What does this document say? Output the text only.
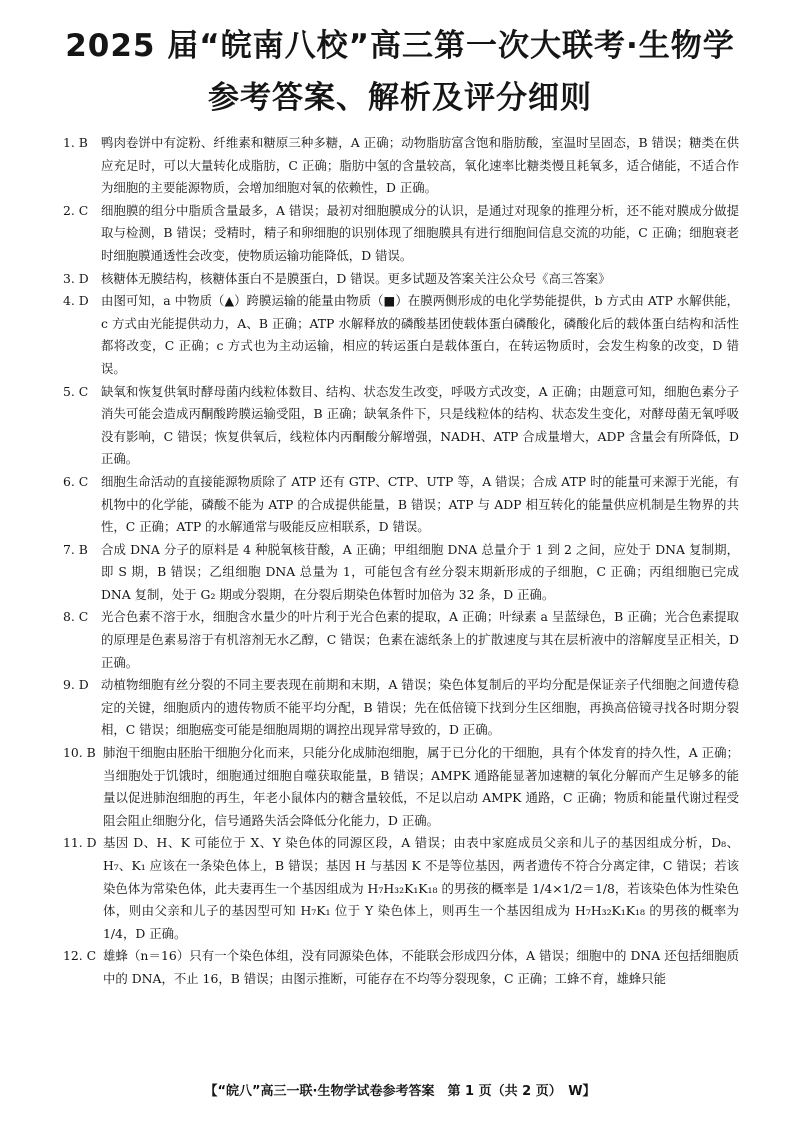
2025 届“皖南八校”高三第一次大联考·生物学
参考答案、解析及评分细则
1. B 鸭肉卷饼中有淀粉、纤维素和糖原三种多糖，A 正确；动物脂肪富含饱和脂肪酸，室温时呈固态，B 错误；糖类在供应充足时，可以大量转化成脂肪，C 正确；脂肪中氢的含量较高，氧化速率比糖类慢且耗氧多，适合储能，不适合作为细胞的主要能源物质，会增加细胞对氧的依赖性，D 正确。
2. C 细胞膜的组分中脂质含量最多，A 错误；最初对细胞膜成分的认识，是通过对现象的推理分析，还不能对膜成分做提取与检测，B 错误；受精时，精子和卵细胞的识别体现了细胞膜具有进行细胞间信息交流的功能，C 正确；细胞衰老时细胞膜通透性会改变，使物质运输功能降低，D 错误。
3. D 核糖体无膜结构，核糖体蛋白不是膜蛋白，D 错误。更多试题及答案关注公众号《高三答案》
4. D 由图可知，a 中物质（▲）跨膜运输的能量由物质（■）在膜两侧形成的电化学势能提供，b 方式由 ATP 水解供能，c 方式由光能提供动力，A、B 正确；ATP 水解释放的磷酸基团使载体蛋白磷酸化，磷酸化后的载体蛋白结构和活性都将改变，C 正确；c 方式也为主动运输，相应的转运蛋白是载体蛋白，在转运物质时，会发生构象的改变，D 错误。
5. C 缺氧和恢复供氧时酵母菌内线粒体数目、结构、状态发生改变，呼吸方式改变，A 正确；由题意可知，细胞色素分子消失可能会造成丙酮酸跨膜运输受阻，B 正确；缺氧条件下，只是线粒体的结构、状态发生变化，对酵母菌无氧呼吸没有影响，C 错误；恢复供氧后，线粒体内丙酮酸分解增强，NADH、ATP 合成量增大，ADP 含量会有所降低，D 正确。
6. C 细胞生命活动的直接能源物质除了 ATP 还有 GTP、CTP、UTP 等，A 错误；合成 ATP 时的能量可来源于光能，有机物中的化学能，磷酸不能为 ATP 的合成提供能量，B 错误；ATP 与 ADP 相互转化的能量供应机制是生物界的共性，C 正确；ATP 的水解通常与吸能反应相联系，D 错误。
7. B 合成 DNA 分子的原料是 4 种脱氧核苷酸，A 正确；甲组细胞 DNA 总量介于 1 到 2 之间，应处于 DNA 复制期，即 S 期，B 错误；乙组细胞 DNA 总量为 1，可能包含有丝分裂末期新形成的子细胞，C 正确；丙组细胞已完成 DNA 复制，处于 G₂ 期或分裂期，在分裂后期染色体暂时加倍为 32 条，D 正确。
8. C 光合色素不溶于水，细胞含水量少的叶片利于光合色素的提取，A 正确；叶绿素 a 呈蓝绿色，B 正确；光合色素提取的原理是色素易溶于有机溶剂无水乙醇，C 错误；色素在滤纸条上的扩散速度与其在层析液中的溶解度呈正相关，D 正确。
9. D 动植物细胞有丝分裂的不同主要表现在前期和末期，A 错误；染色体复制后的平均分配是保证亲子代细胞之间遗传稳定的关键，细胞质内的遗传物质不能平均分配，B 错误；先在低倍镜下找到分生区细胞，再换高倍镜寻找各时期分裂相，C 错误；细胞癌变可能是细胞周期的调控出现异常导致的，D 正确。
10. B 肺泡干细胞由胚胎干细胞分化而来，只能分化成肺泡细胞，属于已分化的干细胞，具有个体发育的持久性，A 正确；当细胞处于饥饿时，细胞通过细胞自噬获取能量，B 错误；AMPK 通路能显著加速糖的氧化分解而产生足够多的能量以促进肺泡细胞的再生，年老小鼠体内的糖含量较低，不足以启动 AMPK 通路，C 正确；物质和能量代谢过程受阻会阻止细胞分化，信号通路失活会降低分化能力，D 正确。
11. D 基因 D、H、K 可能位于 X、Y 染色体的同源区段，A 错误；由表中家庭成员父亲和儿子的基因组成分析，D₈、H₇、K₁ 应该在一条染色体上，B 错误；基因 H 与基因 K 不是等位基因，两者遗传不符合分离定律，C 错误；若该染色体为常染色体，此夫妻再生一个基因组成为 H₇H₃₂K₁K₁₈ 的男孩的概率是 1/4×1/2＝1/8，若该染色体为性染色体，则由父亲和儿子的基因型可知 H₇K₁ 位于 Y 染色体上，则再生一个基因组成为 H₇H₃₂K₁K₁₈ 的男孩的概率为 1/4，D 正确。
12. C 雄蜂（n＝16）只有一个染色体组，没有同源染色体，不能联会形成四分体，A 错误；细胞中的 DNA 还包括细胞质中的 DNA，不止 16，B 错误；由图示推断，可能存在不均等分裂现象，C 正确；工蜂不育，雄蜂只能
【“皖八”高三一联·生物学试卷参考答案　第 1 页（共 2 页）　W】
